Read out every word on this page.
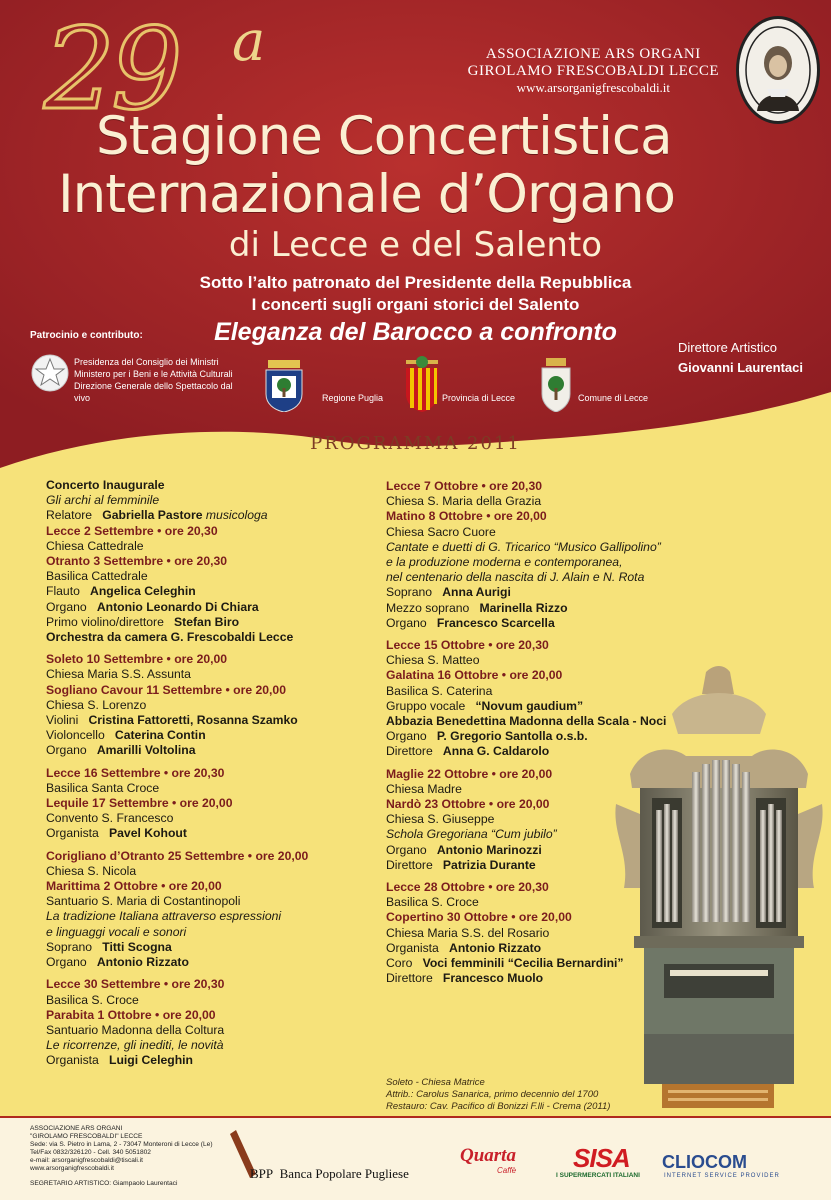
29 a
Stagione Concertistica
Internazionale d’Organo
di Lecce e del Salento
Sotto l’alto patronato del Presidente della Repubblica
I concerti sugli organi storici del Salento
Eleganza del Barocco a confronto
ASSOCIAZIONE ARS ORGANI
GIROLAMO FRESCOBALDI LECCE
www.arsorganigfrescobaldi.it
Patrocinio e contributo:
Presidenza del Consiglio dei Ministri
Ministero per i Beni e le Attività Culturali
Direzione Generale dello Spettacolo dal vivo	Regione Puglia	Provincia di Lecce	Comune di Lecce
Direttore Artistico
Giovanni Laurentaci
PROGRAMMA 2011
Concerto Inaugurale
Gli archi al femminile
Relatore Gabriella Pastore musicologa
Lecce 2 Settembre • ore 20,30
Chiesa Cattedrale
Otranto 3 Settembre • ore 20,30
Basilica Cattedrale
Flauto Angelica Celeghin
Organo Antonio Leonardo Di Chiara
Primo violino/direttore Stefan Biro
Orchestra da camera G. Frescobaldi Lecce
Soleto 10 Settembre • ore 20,00
Chiesa Maria S.S. Assunta
Sogliano Cavour 11 Settembre • ore 20,00
Chiesa S. Lorenzo
Violini Cristina Fattoretti, Rosanna Szamko
Violoncello Caterina Contin
Organo Amarilli Voltolina
Lecce 16 Settembre • ore 20,30
Basilica Santa Croce
Lequile 17 Settembre • ore 20,00
Convento S. Francesco
Organista Pavel Kohout
Corigliano d’Otranto 25 Settembre • ore 20,00
Chiesa S. Nicola
Marittima 2 Ottobre • ore 20,00
Santuario S. Maria di Costantinopoli
La tradizione Italiana attraverso espressioni
e linguaggi vocali e sonori
Soprano Titti Scogna
Organo Antonio Rizzato
Lecce 30 Settembre • ore 20,30
Basilica S. Croce
Parabita 1 Ottobre • ore 20,00
Santuario Madonna della Coltura
Le ricorrenze, gli inediti, le novità
Organista Luigi Celeghin
Lecce 7 Ottobre • ore 20,30
Chiesa S. Maria della Grazia
Matino 8 Ottobre • ore 20,00
Chiesa Sacro Cuore
Cantate e duetti di G. Tricarico “Musico Gallipolino”
e la produzione moderna e contemporanea,
nel centenario della nascita di J. Alain e N. Rota
Soprano Anna Aurigi
Mezzo soprano Marinella Rizzo
Organo Francesco Scarcella
Lecce 15 Ottobre • ore 20,30
Chiesa S. Matteo
Galatina 16 Ottobre • ore 20,00
Basilica S. Caterina
Gruppo vocale “Novum gaudium”
Abbazia Benedettina Madonna della Scala - Noci
Organo P. Gregorio Santolla o.s.b.
Direttore Anna G. Caldarolo
Maglie 22 Ottobre • ore 20,00
Chiesa Madre
Nardò 23 Ottobre • ore 20,00
Chiesa S. Giuseppe
Schola Gregoriana “Cum jubilo”
Organo Antonio Marinozzi
Direttore Patrizia Durante
Lecce 28 Ottobre • ore 20,30
Basilica S. Croce
Copertino 30 Ottobre • ore 20,00
Chiesa Maria S.S. del Rosario
Organista Antonio Rizzato
Coro Voci femminili “Cecilia Bernardini”
Direttore Francesco Muolo
Soleto - Chiesa Matrice
Attrib.: Carolus Sanarica, primo decennio del 1700
Restauro: Cav. Pacifico di Bonizzi F.lli - Crema (2011)
ASSOCIAZIONE ARS ORGANI
"GIROLAMO FRESCOBALDI" LECCE
Sede: via S. Pietro in Lama, 2 - 73047 Monteroni di Lecce (Le)
Tel/Fax 0832/326120 - Cell. 340 5051802
e-mail: arsorganigfrescobaldi@tiscali.it
www.arsorganigfrescobaldi.it
SEGRETARIO ARTISTICO: Giampaolo Laurentaci
BPP Banca Popolare Pugliese
Quarta
Caffè SISA
I SUPERMERCATI ITALIANI
CLIOCOM
INTERNET SERVICE PROVIDER
